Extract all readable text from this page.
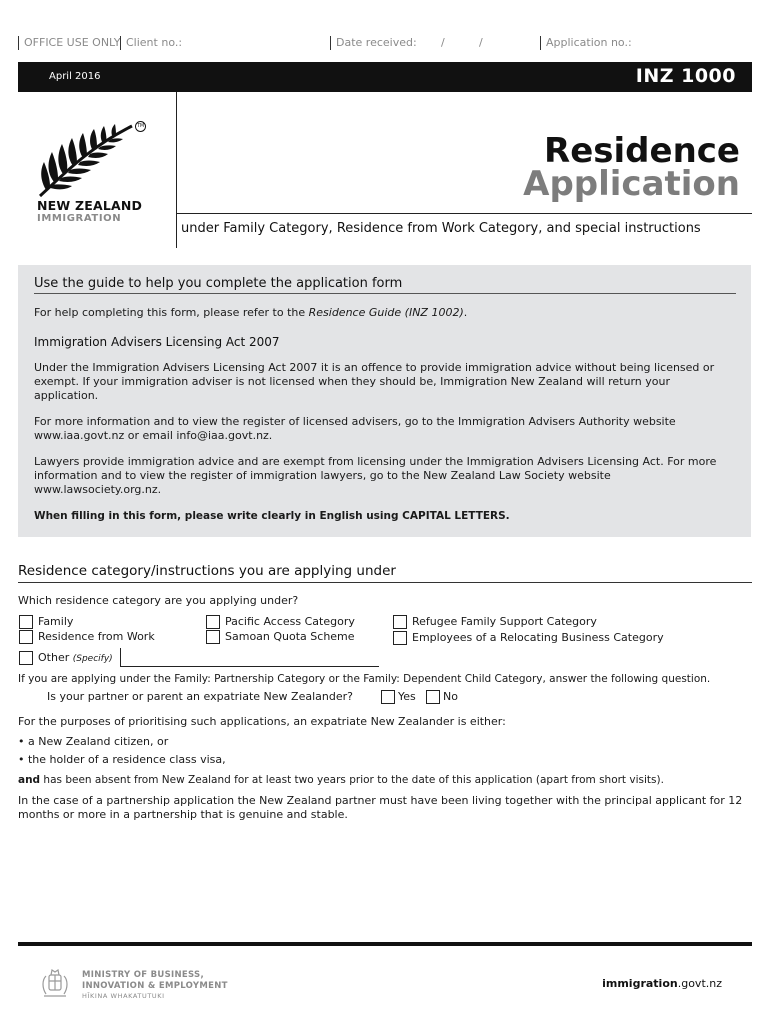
OFFICE USE ONLY Client no.:	Date received: /	/	Application no.:
April 2016	INZ 1000
TM
NEW ZEALAND
IMMIGRATION
Residence
Application
under Family Category, Residence from Work Category, and special instructions
Use the guide to help you complete the application form
For help completing this form, please refer to the Residence Guide (INZ 1002).
Immigration Advisers Licensing Act 2007
Under the Immigration Advisers Licensing Act 2007 it is an offence to provide immigration advice without being licensed or exempt. If your immigration adviser is not licensed when they should be, Immigration New Zealand will return your application.
For more information and to view the register of licensed advisers, go to the Immigration Advisers Authority website www.iaa.govt.nz or email info@iaa.govt.nz.
Lawyers provide immigration advice and are exempt from licensing under the Immigration Advisers Licensing Act. For more information and to view the register of immigration lawyers, go to the New Zealand Law Society website www.lawsociety.org.nz.
When filling in this form, please write clearly in English using CAPITAL LETTERS.
Residence category/instructions you are applying under
Which residence category are you applying under?
Family
Residence from Work
Pacific Access Category
Samoan Quota Scheme
Refugee Family Support Category
Employees of a Relocating Business Category
Other (Specify)
If you are applying under the Family: Partnership Category or the Family: Dependent Child Category, answer the following question.
Is your partner or parent an expatriate New Zealander?	Yes No
For the purposes of prioritising such applications, an expatriate New Zealander is either:
• a New Zealand citizen, or
• the holder of a residence class visa,
and has been absent from New Zealand for at least two years prior to the date of this application (apart from short visits).
In the case of a partnership application the New Zealand partner must have been living together with the principal applicant for 12 months or more in a partnership that is genuine and stable.
MINISTRY OF BUSINESS,
INNOVATION & EMPLOYMENT
HĪKINA WHAKATUTUKI
immigration.govt.nz
